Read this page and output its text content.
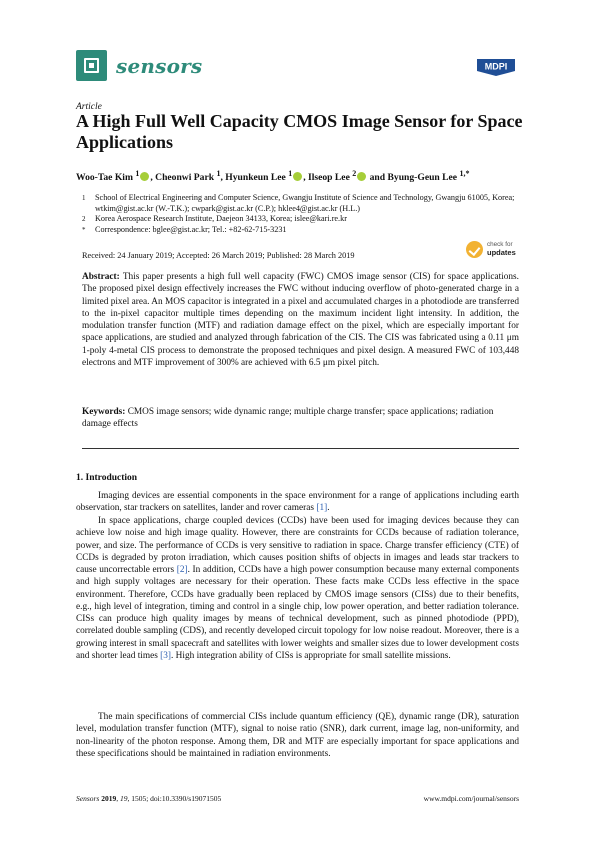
sensors	MDPI
Article
A High Full Well Capacity CMOS Image Sensor for Space Applications
Woo-Tae Kim $^1$ , Cheonwi Park $^1$, Hyunkeun Lee $^1$ , Ilseop Lee $^2$ and Byung-Geun Lee $^{1,*}$
1	School of Electrical Engineering and Computer Science, Gwangju Institute of Science and Technology, Gwangju 61005, Korea; wtkim@gist.ac.kr (W.-T.K.); cwpark@gist.ac.kr (C.P.); hklee4@gist.ac.kr (H.L.)
2	Korea Aerospace Research Institute, Daejeon 34133, Korea; islee@kari.re.kr
*	Correspondence: bglee@gist.ac.kr; Tel.: +82-62-715-3231
Received: 24 January 2019; Accepted: 26 March 2019; Published: 28 March 2019
check for
updates
Abstract: This paper presents a high full well capacity (FWC) CMOS image sensor (CIS) for space applications. The proposed pixel design effectively increases the FWC without inducing overflow of photo-generated charge in a limited pixel area. An MOS capacitor is integrated in a pixel and accumulated charges in a photodiode are transferred to the in-pixel capacitor multiple times depending on the maximum incident light intensity. In addition, the modulation transfer function (MTF) and radiation damage effect on the pixel, which are especially important for space applications, are studied and analyzed through fabrication of the CIS. The CIS was fabricated using a 0.11 μm 1-poly 4-metal CIS process to demonstrate the proposed techniques and pixel design. A measured FWC of 103,448 electrons and MTF improvement of 300% are achieved with 6.5 μm pixel pitch.
Keywords: CMOS image sensors; wide dynamic range; multiple charge transfer; space applications; radiation damage effects
1. Introduction
Imaging devices are essential components in the space environment for a range of applications including earth observation, star trackers on satellites, lander and rover cameras [1].
In space applications, charge coupled devices (CCDs) have been used for imaging devices because they can achieve low noise and high image quality. However, there are constraints for CCDs because of radiation tolerance, power, and size. The performance of CCDs is very sensitive to radiation in space. Charge transfer efficiency (CTE) of CCDs is degraded by proton irradiation, which causes position shifts of objects in images and leads star trackers to cause uncorrectable errors [2]. In addition, CCDs have a high power consumption because many external components and high supply voltages are necessary for their operation. These facts make CCDs less effective in the space environment. Therefore, CCDs have gradually been replaced by CMOS image sensors (CISs) due to their benefits, e.g., high level of integration, timing and control in a single chip, low power operation, and better radiation tolerance. CISs can produce high quality images by means of technical development, such as pinned photodiode (PPD), correlated double sampling (CDS), and recently developed circuit topology for low noise readout. Moreover, there is a growing interest in small spacecraft and satellites with lower weights and smaller sizes due to lower development costs and shorter lead times [3]. High integration ability of CISs is appropriate for small satellite missions.
The main specifications of commercial CISs include quantum efficiency (QE), dynamic range (DR), saturation level, modulation transfer function (MTF), signal to noise ratio (SNR), dark current, image lag, non-uniformity, and non-linearity of the photon response. Among them, DR and MTF are especially important for space applications and these specifications should be maintained in radiation environments.
Sensors 2019, 19, 1505; doi:10.3390/s19071505	www.mdpi.com/journal/sensors
